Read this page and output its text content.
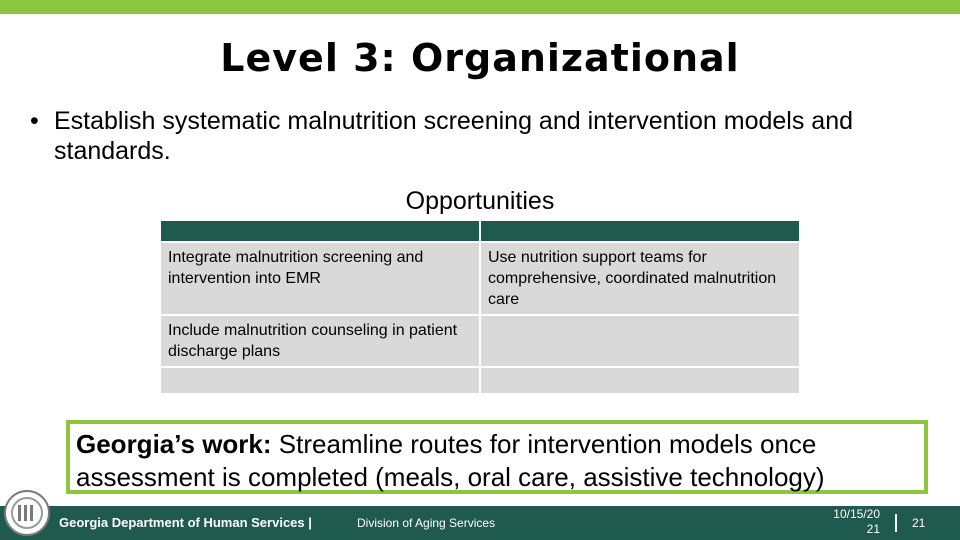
Level 3: Organizational
• Establish systematic malnutrition screening and intervention models and standards.
Opportunities

Integrate malnutrition screening and intervention into EMR	Use nutrition support teams for comprehensive, coordinated malnutrition care
Include malnutrition counseling in patient discharge plans	

Georgia’s work: Streamline routes for intervention models once assessment is completed (meals, oral care, assistive technology)
Georgia Department of Human Services |	Division of Aging Services
10/15/20 21	21
